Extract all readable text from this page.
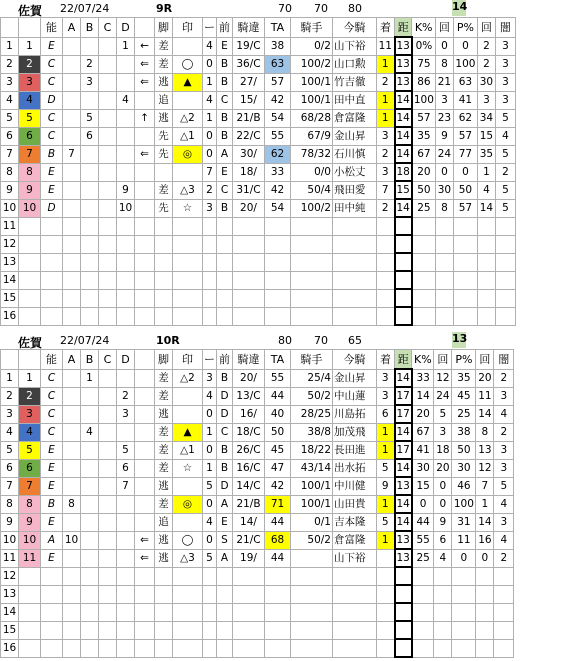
佐賀 22/07/24	9R	70 70 80	14
		能	A	B	C	D		脚	印	ー	前	騎違	TA	騎手	今騎	着	距	K%	回	P%	回	闇
1	1	E				1	←	差		4	E	19/C	38	0/2	山下裕	11	13	0%	0	0	2	3
2	2	C		2			⇐	差	◯	0	B	36/C	63	100/2	山口勲	1	13	75	8	100	2	3
3	3	C		3			⇐	逃	▲	1	B	27/	57	100/1	竹吉徹	2	13	86	21	63	30	3
4	4	D				4		追		4	C	15/	42	100/1	田中直	1	14	100	3	41	3	3
5	5	C		5			↑	逃	△2	1	B	21/B	54	68/28	倉富隆	1	14	57	23	62	34	5
6	6	C		6				先	△1	0	B	22/C	55	67/9	金山昇	3	14	35	9	57	15	4
7	7	B	7				⇐	先	◎	0	A	30/	62	78/32	石川慎	2	14	67	24	77	35	5
8	8	E								7	E	18/	33	0/0	小松丈	3	18	20	0	0	1	2
9	9	E				9		差	△3	2	C	31/C	42	50/4	飛田愛	7	15	50	30	50	4	5
10	10	D				10		先	☆	3	B	20/	54	100/2	田中純	2	14	25	8	57	14	5
11																						
12																						
13																						
14																						
15																						
16																						
佐賀 22/07/24	10R	80 70 65	13
		能	A	B	C	D		脚	印	ー	前	騎違	TA	騎手	今騎	着	距	K%	回	P%	回	闇
1	1	C		1				差	△2	3	B	20/	55	25/4	金山昇	3	14	33	12	35	20	2
2	2	C				2		差		4	D	13/C	44	50/2	中山蓮	3	17	14	24	45	11	3
3	3	C				3		逃		0	D	16/	40	28/25	川島拓	6	17	20	5	25	14	4
4	4	C		4				差	▲	1	C	18/C	50	38/8	加茂飛	1	14	67	3	38	8	2
5	5	E				5		差	△1	0	B	26/C	45	18/22	長田進	1	17	41	18	50	13	3
6	6	E				6		差	☆	1	B	16/C	47	43/14	出水拓	5	14	30	20	30	12	3
7	7	E				7		逃		5	D	14/C	42	100/1	中川健	9	13	15	0	46	7	5
8	8	B	8					差	◎	0	A	21/B	71	100/1	山田貴	1	14	0	0	100	1	4
9	9	E						追		4	E	14/	44	0/1	吉本隆	5	14	44	9	31	14	3
10	10	A	10				⇐	逃	◯	0	S	21/C	68	50/2	倉富隆	1	13	55	6	11	16	4
11	11	E					⇐	逃	△3	5	A	19/	44		山下裕		13	25	4	0	0	2
12																						
13																						
14																						
15																						
16																						
